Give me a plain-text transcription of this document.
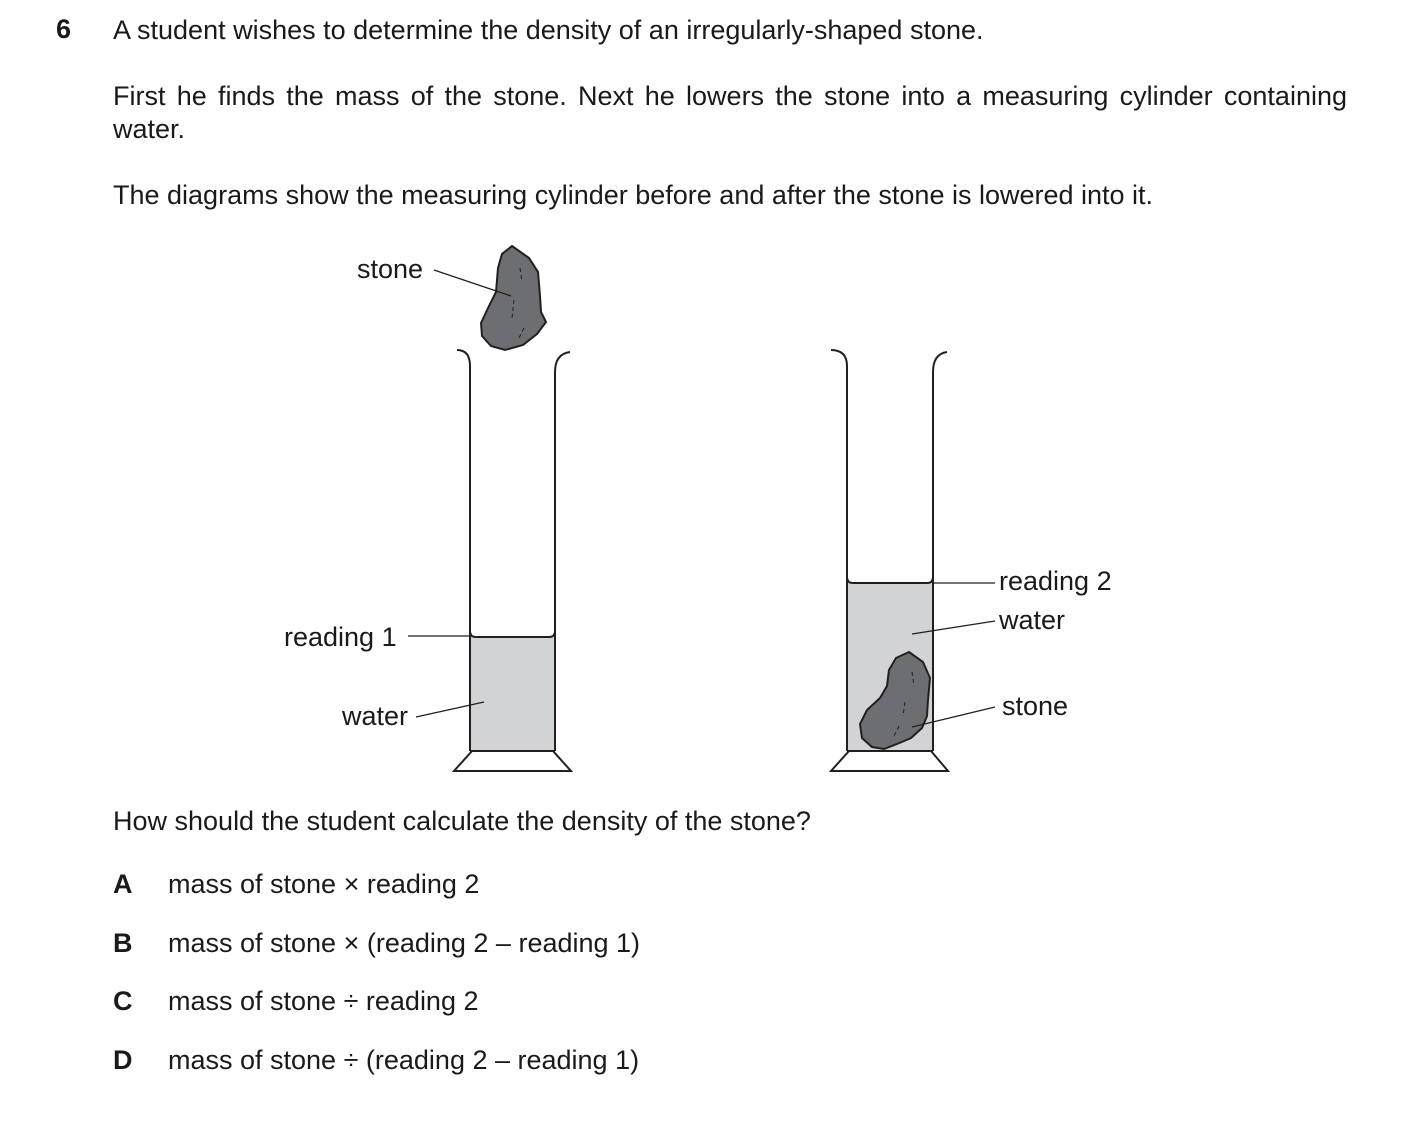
6 A student wishes to determine the density of an irregularly-shaped stone.
First he finds the mass of the stone. Next he lowers the stone into a measuring cylinder containing water.
The diagrams show the measuring cylinder before and after the stone is lowered into it.
stone
reading 1
water
reading 2
water
stone
How should the student calculate the density of the stone?
A mass of stone × reading 2
B mass of stone × (reading 2 – reading 1)
C mass of stone ÷ reading 2
D mass of stone ÷ (reading 2 – reading 1)
